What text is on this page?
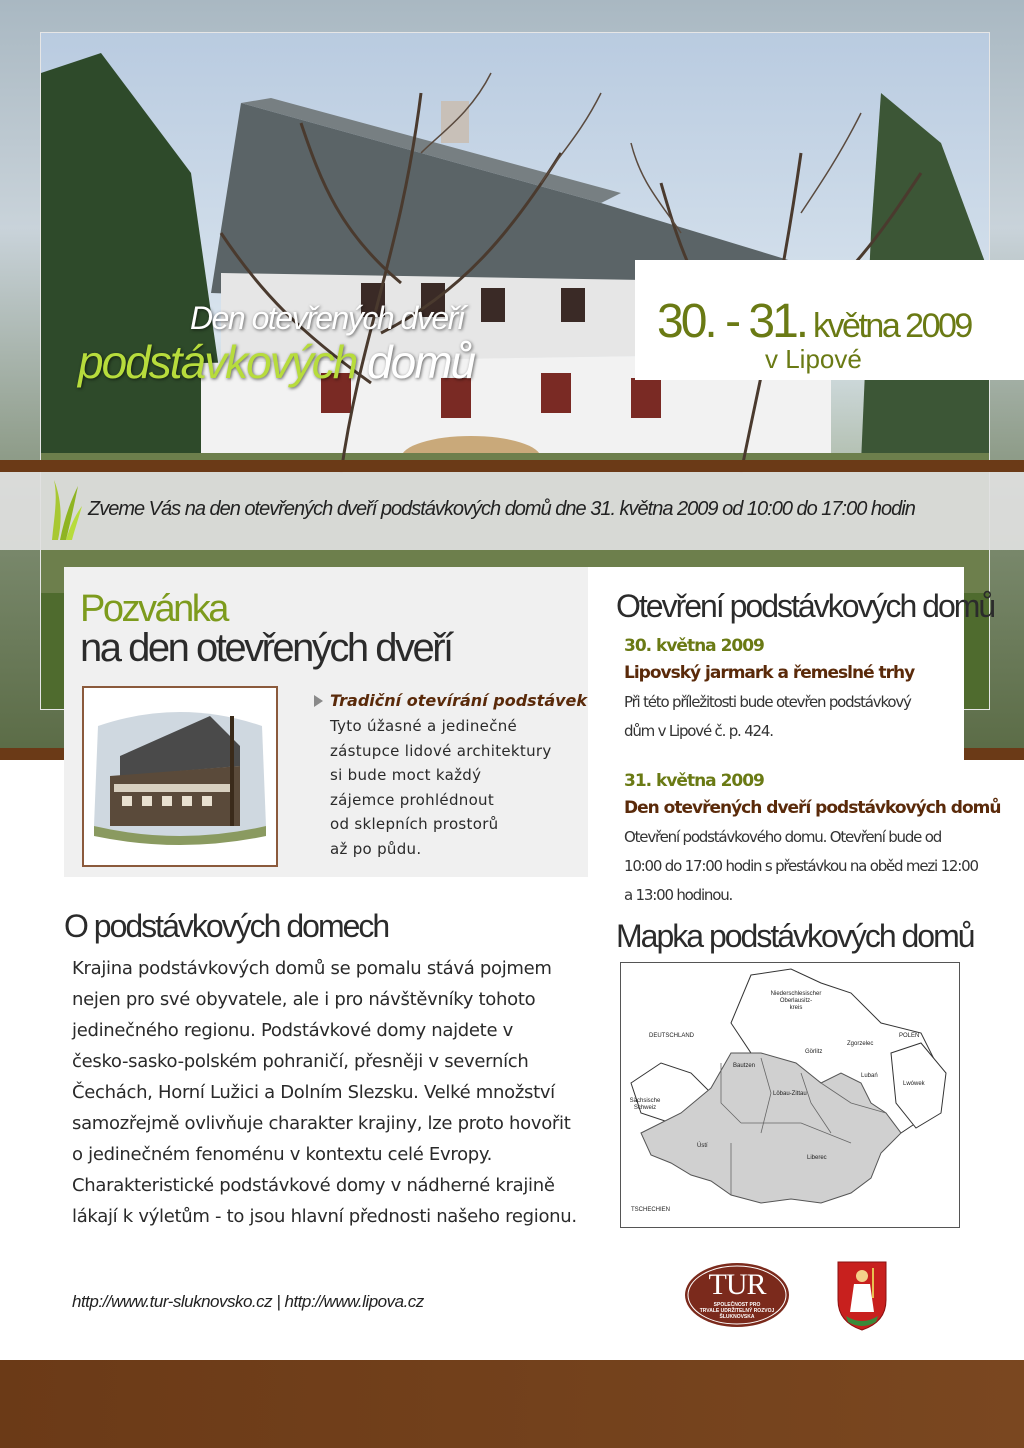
Den otevřených dveří
podstávkových domů
30. - 31. května 2009
v Lipové
Zveme Vás na den otevřených dveří podstávkových domů dne 31. května 2009 od 10:00 do 17:00 hodin
Pozvánka
na den otevřených dveří
Tradiční otevírání podstávek
Tyto úžasné a jedinečné
zástupce lidové architektury
si bude moct každý
zájemce prohlédnout
od sklepních prostorů
až po půdu.
Otevření podstávkových domů
30. května 2009
Lipovský jarmark a řemeslné trhy
Při této příležitosti bude otevřen podstávkový
dům v Lipové č. p. 424.
31. května 2009
Den otevřených dveří podstávkových domů
Otevření podstávkového domu. Otevření bude od
10:00 do 17:00 hodin s přestávkou na oběd mezi 12:00
a 13:00 hodinou.
O podstávkových domech
Krajina podstávkových domů se pomalu stává pojmem
nejen pro své obyvatele, ale i pro návštěvníky tohoto
jedinečného regionu. Podstávkové domy najdete v
česko-sasko-polském pohraničí, přesněji v severních
Čechách, Horní Lužici a Dolním Slezsku. Velké množství
samozřejmě ovlivňuje charakter krajiny, lze proto hovořit
o jedinečném fenoménu v kontextu celé Evropy.
Charakteristické podstávkové domy v nádherné krajině
lákají k výletům - to jsou hlavní přednosti našeho regionu.
Mapka podstávkových domů
DEUTSCHLAND	POLEN
TSCHECHIEN
Niederschlesischer
Oberlausitz-
kreis
Görlitz
Zgorzelec
Bautzen
Löbau-Zittau
Lubań
Lwówek
Sächsische
Schweiz
Ústí
Liberec
http://www.tur-sluknovsko.cz | http://www.lipova.cz
TUR
SPOLEČNOST PRO
TRVALE UDRŽITELNÝ ROZVOJ
ŠLUKNOVSKA
